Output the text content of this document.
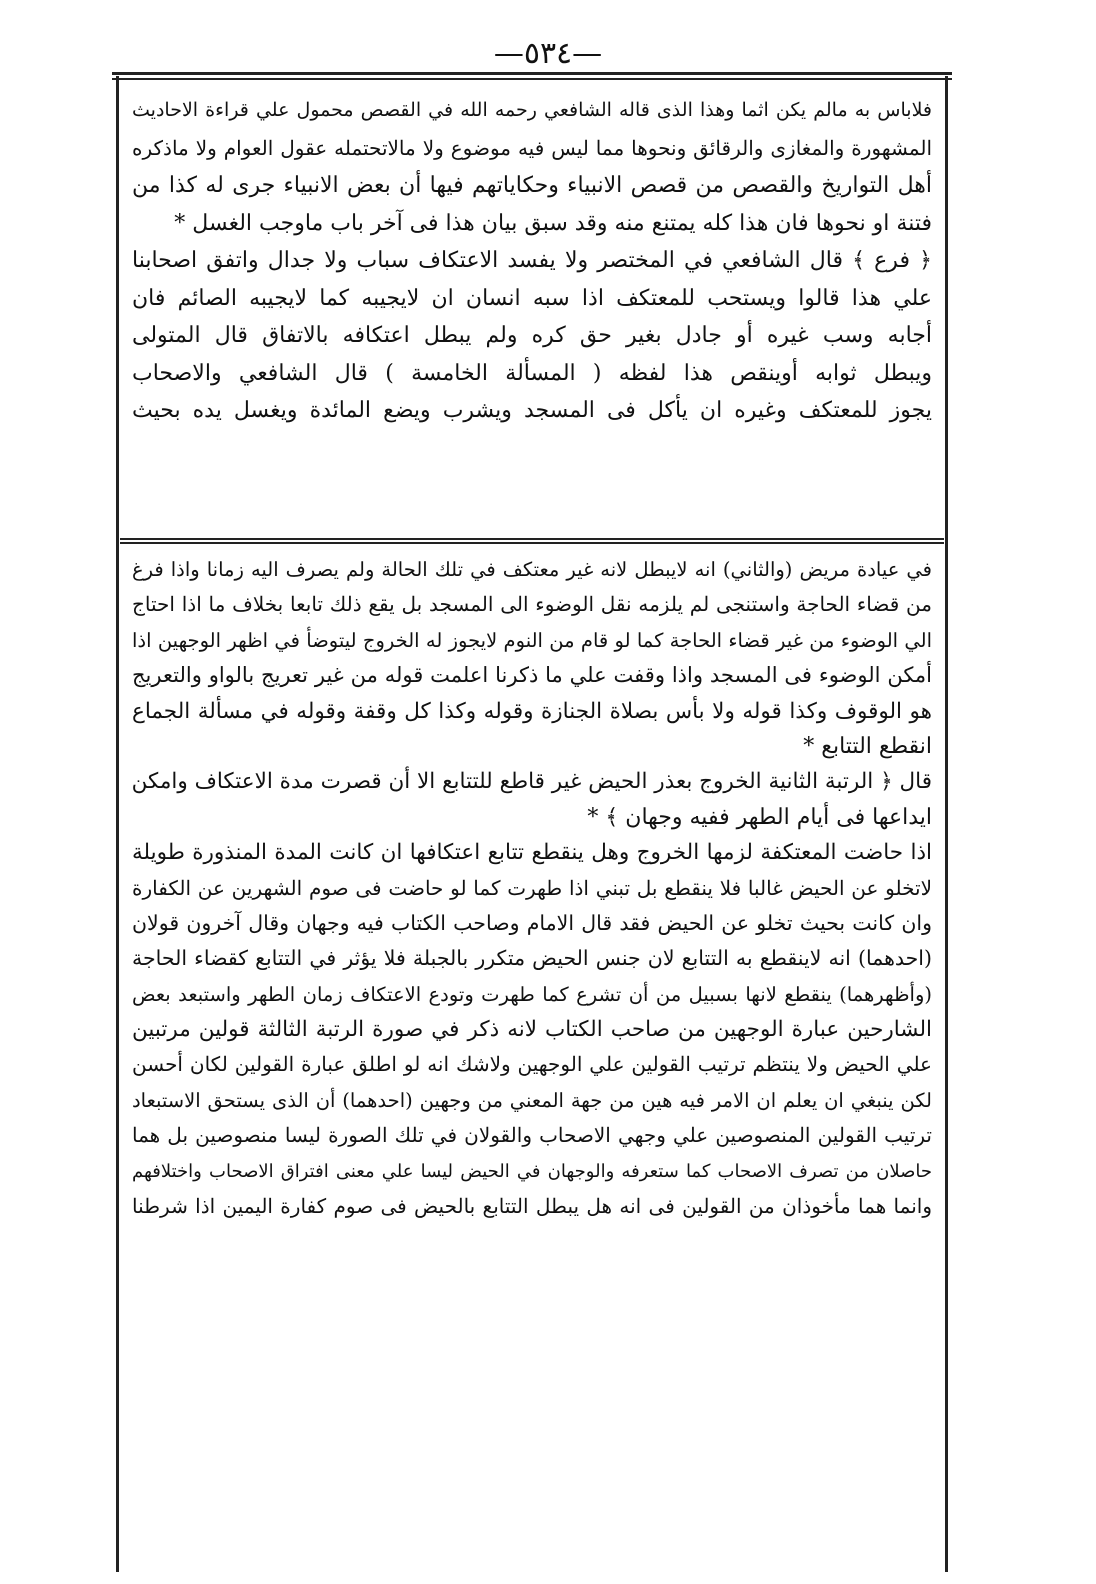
—٥٣٤—
فلاباس به مالم يكن اثما وهذا الذى قاله الشافعي رحمه الله في القصص محمول علي قراءة الاحاديث
المشهورة والمغازى والرقائق ونحوها مما ليس فيه موضوع ولا مالاتحتمله عقول العوام ولا ماذكره
أهل التواريخ والقصص من قصص الانبياء وحكاياتهم فيها أن بعض الانبياء جرى له كذا من
فتنة او نحوها فان هذا كله يمتنع منه وقد سبق بيان هذا فى آخر باب ماوجب الغسل *
﴿ فرع ﴾ قال الشافعي في المختصر ولا يفسد الاعتكاف سباب ولا جدال واتفق اصحابنا
علي هذا قالوا ويستحب للمعتكف اذا سبه انسان ان لايجيبه كما لايجيبه الصائم فان
أجابه وسب غيره أو جادل بغير حق كره ولم يبطل اعتكافه بالاتفاق قال المتولى
ويبطل ثوابه أوينقص هذا لفظه ( المسألة الخامسة ) قال الشافعي والاصحاب
يجوز للمعتكف وغيره ان يأكل فى المسجد ويشرب ويضع المائدة ويغسل يده بحيث
في عيادة مريض (والثاني) انه لايبطل لانه غير معتكف في تلك الحالة ولم يصرف اليه زمانا واذا فرغ
من قضاء الحاجة واستنجى لم يلزمه نقل الوضوء الى المسجد بل يقع ذلك تابعا بخلاف ما اذا احتاج
الي الوضوء من غير قضاء الحاجة كما لو قام من النوم لايجوز له الخروج ليتوضأ في اظهر الوجهين اذا
أمكن الوضوء فى المسجد واذا وقفت علي ما ذكرنا اعلمت قوله من غير تعريج بالواو والتعريج
هو الوقوف وكذا قوله ولا بأس بصلاة الجنازة وقوله وكذا كل وقفة وقوله في مسألة الجماع
انقطع التتابع *
قال ﴿ الرتبة الثانية الخروج بعذر الحيض غير قاطع للتتابع الا أن قصرت مدة الاعتكاف وامكن
ايداعها فى أيام الطهر ففيه وجهان ﴾ *
اذا حاضت المعتكفة لزمها الخروج وهل ينقطع تتابع اعتكافها ان كانت المدة المنذورة طويلة
لاتخلو عن الحيض غالبا فلا ينقطع بل تبني اذا طهرت كما لو حاضت فى صوم الشهرين عن الكفارة
وان كانت بحيث تخلو عن الحيض فقد قال الامام وصاحب الكتاب فيه وجهان وقال آخرون قولان
(احدهما) انه لاينقطع به التتابع لان جنس الحيض متكرر بالجبلة فلا يؤثر في التتابع كقضاء الحاجة
(وأظهرهما) ينقطع لانها بسبيل من أن تشرع كما طهرت وتودع الاعتكاف زمان الطهر واستبعد بعض
الشارحين عبارة الوجهين من صاحب الكتاب لانه ذكر في صورة الرتبة الثالثة قولين مرتبين
علي الحيض ولا ينتظم ترتيب القولين علي الوجهين ولاشك انه لو اطلق عبارة القولين لكان أحسن
لكن ينبغي ان يعلم ان الامر فيه هين من جهة المعني من وجهين (احدهما) أن الذى يستحق الاستبعاد
ترتيب القولين المنصوصين علي وجهي الاصحاب والقولان في تلك الصورة ليسا منصوصين بل هما
حاصلان من تصرف الاصحاب كما ستعرفه والوجهان في الحيض ليسا علي معنى افتراق الاصحاب واختلافهم
وانما هما مأخوذان من القولين فى انه هل يبطل التتابع بالحيض فى صوم كفارة اليمين اذا شرطنا
